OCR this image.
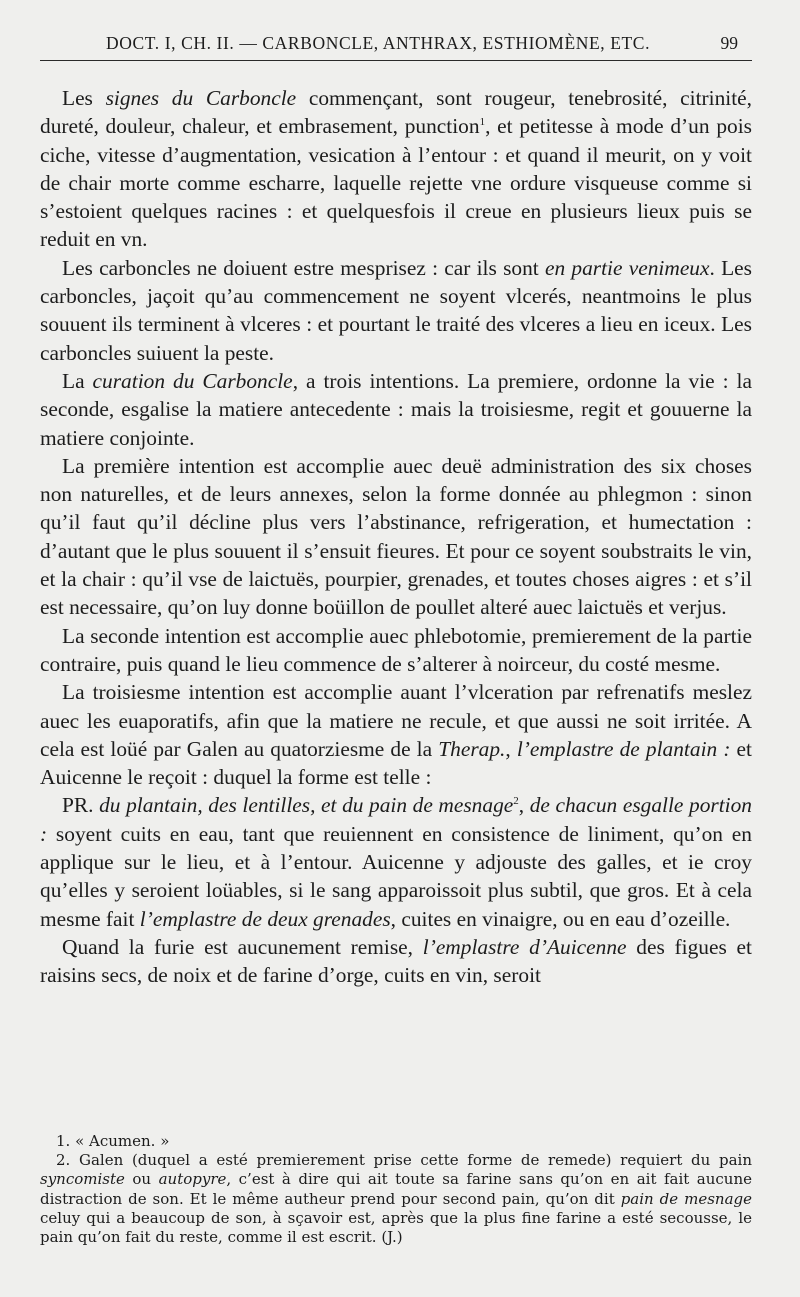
DOCT. I, CH. II. — CARBONCLE, ANTHRAX, ESTHIOMÈNE, ETC.	99

Les signes du Carboncle commençant, sont rougeur, tenebrosité, citrinité, dureté, douleur, chaleur, et embrasement, punction$^1$, et petitesse à mode d’un pois ciche, vitesse d’augmentation, vesication à l’entour : et quand il meurit, on y voit de chair morte comme escharre, laquelle rejette vne ordure visqueuse comme si s’estoient quelques racines : et quelquesfois il creue en plusieurs lieux puis se reduit en vn.

Les carboncles ne doiuent estre mesprisez : car ils sont en partie venimeux. Les carboncles, jaçoit qu’au commencement ne soyent vlcerés, neantmoins le plus souuent ils terminent à vlceres : et pourtant le traité des vlceres a lieu en iceux. Les carboncles suiuent la peste.

La curation du Carboncle, a trois intentions. La premiere, ordonne la vie : la seconde, esgalise la matiere antecedente : mais la troisiesme, regit et gouuerne la matiere conjointe.

La première intention est accomplie auec deuë administration des six choses non naturelles, et de leurs annexes, selon la forme donnée au phlegmon : sinon qu’il faut qu’il décline plus vers l’abstinance, refrigeration, et humectation : d’autant que le plus souuent il s’ensuit fieures. Et pour ce soyent soubstraits le vin, et la chair : qu’il vse de laictuës, pourpier, grenades, et toutes choses aigres : et s’il est necessaire, qu’on luy donne boüillon de poullet alteré auec laictuës et verjus.

La seconde intention est accomplie auec phlebotomie, premierement de la partie contraire, puis quand le lieu commence de s’alterer à noirceur, du costé mesme.

La troisiesme intention est accomplie auant l’vlceration par refrenatifs meslez auec les euaporatifs, afin que la matiere ne recule, et que aussi ne soit irritée. A cela est loüé par Galen au quatorziesme de la Therap., l’emplastre de plantain : et Auicenne le reçoit : duquel la forme est telle :

PR. du plantain, des lentilles, et du pain de mesnage$^2$, de chacun esgalle portion : soyent cuits en eau, tant que reuiennent en consistence de liniment, qu’on en applique sur le lieu, et à l’entour. Auicenne y adjouste des galles, et ie croy qu’elles y seroient loüables, si le sang apparoissoit plus subtil, que gros. Et à cela mesme fait l’emplastre de deux grenades, cuites en vinaigre, ou en eau d’ozeille.

Quand la furie est aucunement remise, l’emplastre d’Auicenne des figues et raisins secs, de noix et de farine d’orge, cuits en vin, seroit

1. « Acumen. »

2. Galen (duquel a esté premierement prise cette forme de remede) requiert du pain syncomiste ou autopyre, c’est à dire qui ait toute sa farine sans qu’on en ait fait aucune distraction de son. Et le même autheur prend pour second pain, qu’on dit pain de mesnage celuy qui a beaucoup de son, à sçavoir est, après que la plus fine farine a esté secousse, le pain qu’on fait du reste, comme il est escrit. (J.)
